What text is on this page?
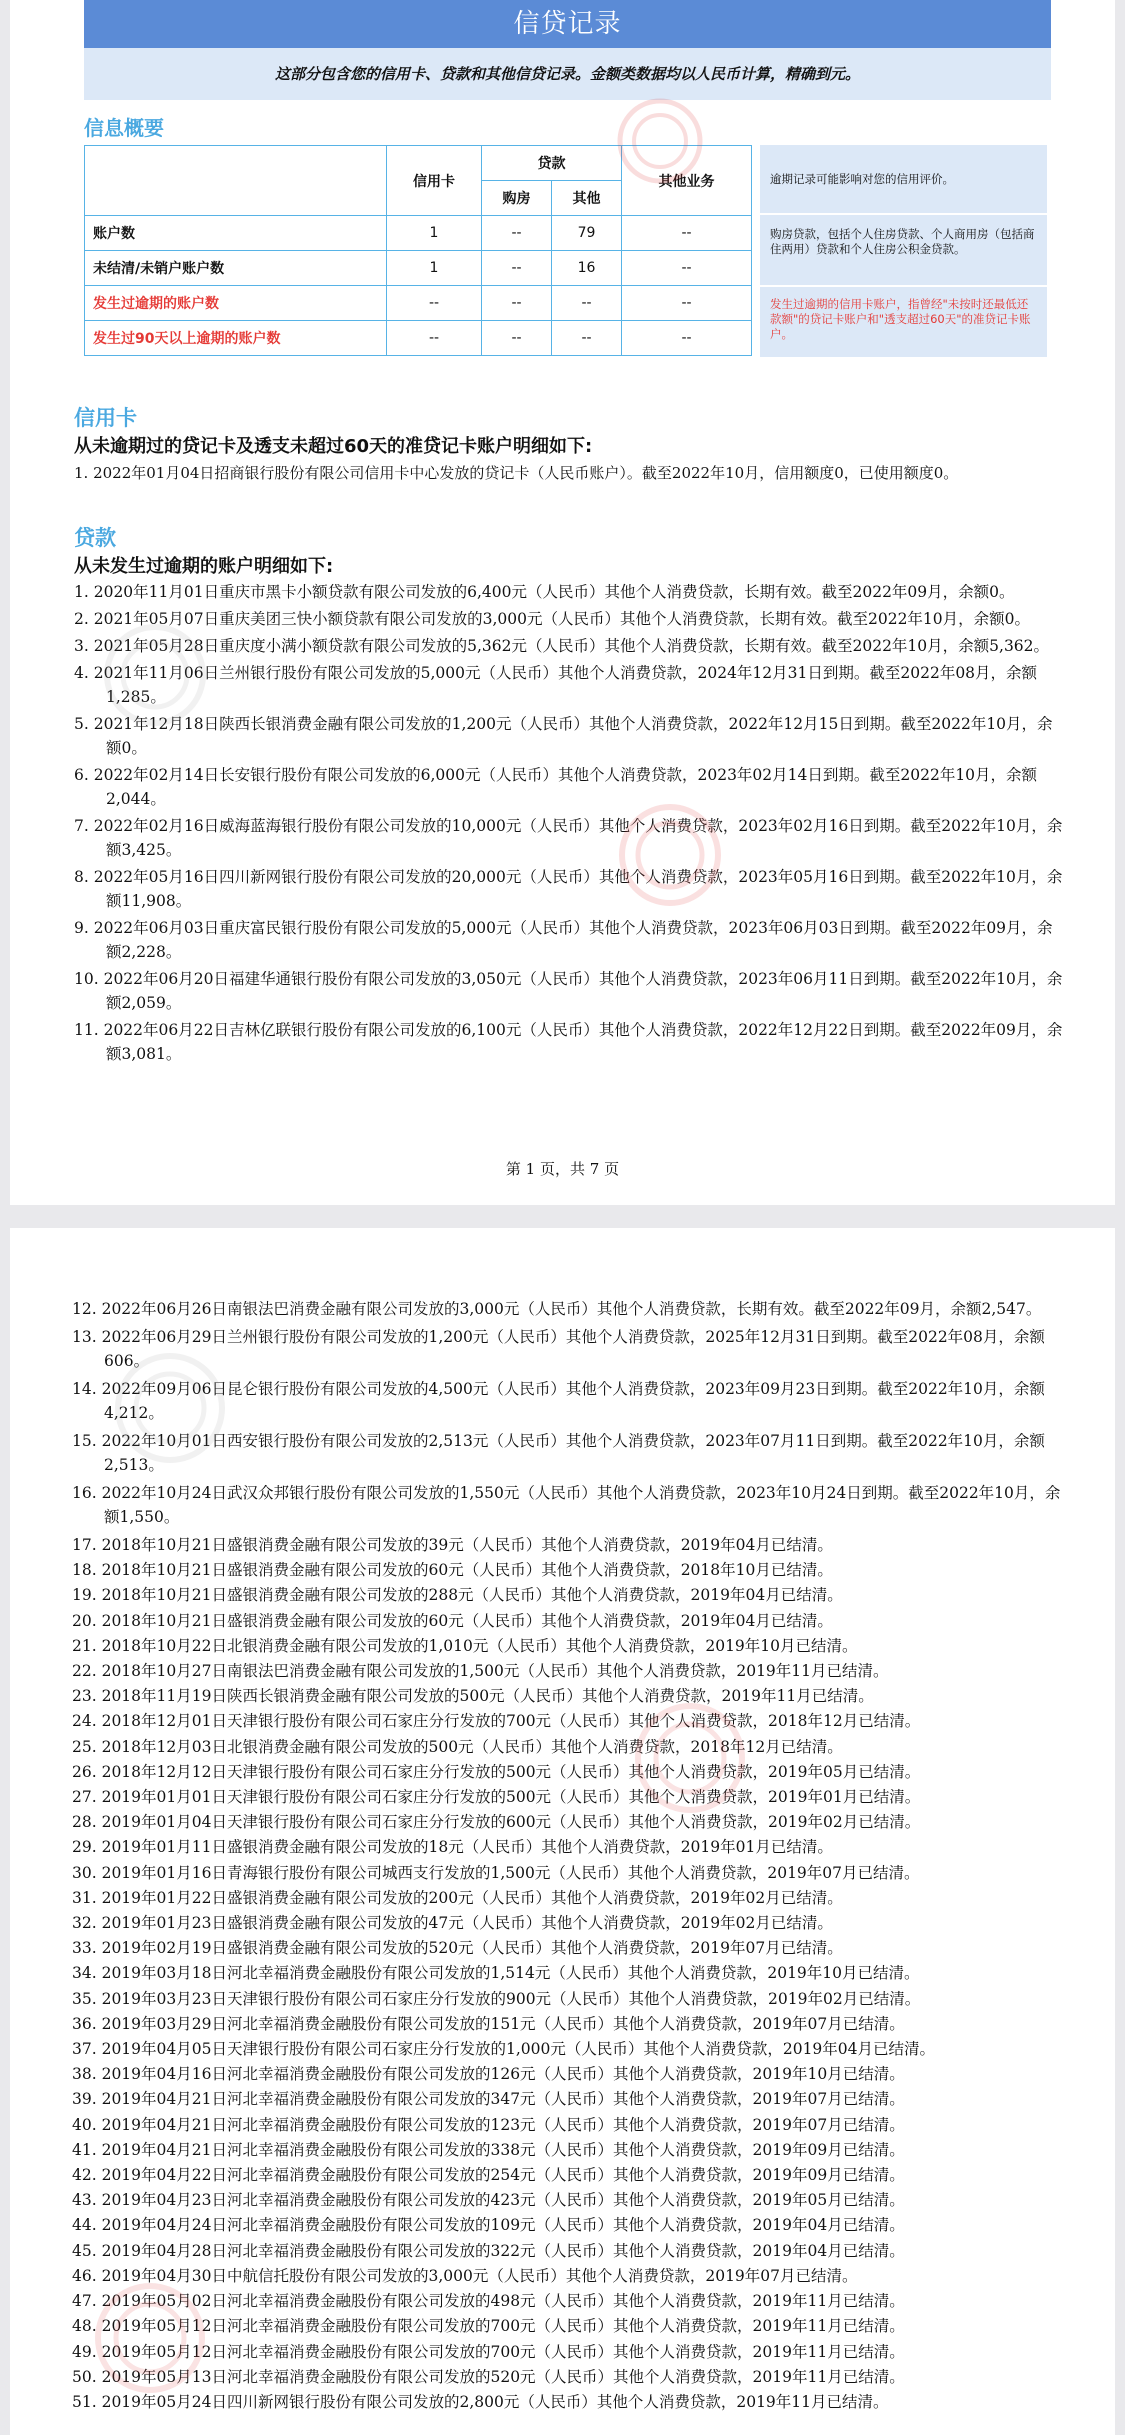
信贷记录
这部分包含您的信用卡、贷款和其他信贷记录。金额类数据均以人民币计算，精确到元。
信息概要

	信用卡	贷款		其他业务
		购房	其他	
账户数	1	--	79	--
未结清/未销户账户数	1	--	16	--
发生过逾期的账户数	--	--	--	--
发生过90天以上逾期的账户数	--	--	--	--
逾期记录可能影响对您的信用评价。
购房贷款，包括个人住房贷款、个人商用房（包括商住两用）贷款和个人住房公积金贷款。
发生过逾期的信用卡账户，指曾经"未按时还最低还款额"的贷记卡账户和"透支超过60天"的准贷记卡账户。
信用卡
从未逾期过的贷记卡及透支未超过60天的准贷记卡账户明细如下:
1. 2022年01月04日招商银行股份有限公司信用卡中心发放的贷记卡（人民币账户）。截至2022年10月，信用额度0，已使用额度0。
贷款
从未发生过逾期的账户明细如下:
1. 2020年11月01日重庆市黑卡小额贷款有限公司发放的6,400元（人民币）其他个人消费贷款，长期有效。截至2022年09月，余额0。
2. 2021年05月07日重庆美团三快小额贷款有限公司发放的3,000元（人民币）其他个人消费贷款，长期有效。截至2022年10月，余额0。
3. 2021年05月28日重庆度小满小额贷款有限公司发放的5,362元（人民币）其他个人消费贷款，长期有效。截至2022年10月，余额5,362。
4. 2021年11月06日兰州银行股份有限公司发放的5,000元（人民币）其他个人消费贷款，2024年12月31日到期。截至2022年08月，余额1,285。
5. 2021年12月18日陕西长银消费金融有限公司发放的1,200元（人民币）其他个人消费贷款，2022年12月15日到期。截至2022年10月，余额0。
6. 2022年02月14日长安银行股份有限公司发放的6,000元（人民币）其他个人消费贷款，2023年02月14日到期。截至2022年10月，余额2,044。
7. 2022年02月16日威海蓝海银行股份有限公司发放的10,000元（人民币）其他个人消费贷款，2023年02月16日到期。截至2022年10月，余额3,425。
8. 2022年05月16日四川新网银行股份有限公司发放的20,000元（人民币）其他个人消费贷款，2023年05月16日到期。截至2022年10月，余额11,908。
9. 2022年06月03日重庆富民银行股份有限公司发放的5,000元（人民币）其他个人消费贷款，2023年06月03日到期。截至2022年09月，余额2,228。
10. 2022年06月20日福建华通银行股份有限公司发放的3,050元（人民币）其他个人消费贷款，2023年06月11日到期。截至2022年10月，余额2,059。
11. 2022年06月22日吉林亿联银行股份有限公司发放的6,100元（人民币）其他个人消费贷款，2022年12月22日到期。截至2022年09月，余额3,081。
第 1 页，共 7 页
12. 2022年06月26日南银法巴消费金融有限公司发放的3,000元（人民币）其他个人消费贷款，长期有效。截至2022年09月，余额2,547。
13. 2022年06月29日兰州银行股份有限公司发放的1,200元（人民币）其他个人消费贷款，2025年12月31日到期。截至2022年08月，余额606。
14. 2022年09月06日昆仑银行股份有限公司发放的4,500元（人民币）其他个人消费贷款，2023年09月23日到期。截至2022年10月，余额4,212。
15. 2022年10月01日西安银行股份有限公司发放的2,513元（人民币）其他个人消费贷款，2023年07月11日到期。截至2022年10月，余额2,513。
16. 2022年10月24日武汉众邦银行股份有限公司发放的1,550元（人民币）其他个人消费贷款，2023年10月24日到期。截至2022年10月，余额1,550。
17. 2018年10月21日盛银消费金融有限公司发放的39元（人民币）其他个人消费贷款，2019年04月已结清。
18. 2018年10月21日盛银消费金融有限公司发放的60元（人民币）其他个人消费贷款，2018年10月已结清。
19. 2018年10月21日盛银消费金融有限公司发放的288元（人民币）其他个人消费贷款，2019年04月已结清。
20. 2018年10月21日盛银消费金融有限公司发放的60元（人民币）其他个人消费贷款，2019年04月已结清。
21. 2018年10月22日北银消费金融有限公司发放的1,010元（人民币）其他个人消费贷款，2019年10月已结清。
22. 2018年10月27日南银法巴消费金融有限公司发放的1,500元（人民币）其他个人消费贷款，2019年11月已结清。
23. 2018年11月19日陕西长银消费金融有限公司发放的500元（人民币）其他个人消费贷款，2019年11月已结清。
24. 2018年12月01日天津银行股份有限公司石家庄分行发放的700元（人民币）其他个人消费贷款，2018年12月已结清。
25. 2018年12月03日北银消费金融有限公司发放的500元（人民币）其他个人消费贷款，2018年12月已结清。
26. 2018年12月12日天津银行股份有限公司石家庄分行发放的500元（人民币）其他个人消费贷款，2019年05月已结清。
27. 2019年01月01日天津银行股份有限公司石家庄分行发放的500元（人民币）其他个人消费贷款，2019年01月已结清。
28. 2019年01月04日天津银行股份有限公司石家庄分行发放的600元（人民币）其他个人消费贷款，2019年02月已结清。
29. 2019年01月11日盛银消费金融有限公司发放的18元（人民币）其他个人消费贷款，2019年01月已结清。
30. 2019年01月16日青海银行股份有限公司城西支行发放的1,500元（人民币）其他个人消费贷款，2019年07月已结清。
31. 2019年01月22日盛银消费金融有限公司发放的200元（人民币）其他个人消费贷款，2019年02月已结清。
32. 2019年01月23日盛银消费金融有限公司发放的47元（人民币）其他个人消费贷款，2019年02月已结清。
33. 2019年02月19日盛银消费金融有限公司发放的520元（人民币）其他个人消费贷款，2019年07月已结清。
34. 2019年03月18日河北幸福消费金融股份有限公司发放的1,514元（人民币）其他个人消费贷款，2019年10月已结清。
35. 2019年03月23日天津银行股份有限公司石家庄分行发放的900元（人民币）其他个人消费贷款，2019年02月已结清。
36. 2019年03月29日河北幸福消费金融股份有限公司发放的151元（人民币）其他个人消费贷款，2019年07月已结清。
37. 2019年04月05日天津银行股份有限公司石家庄分行发放的1,000元（人民币）其他个人消费贷款，2019年04月已结清。
38. 2019年04月16日河北幸福消费金融股份有限公司发放的126元（人民币）其他个人消费贷款，2019年10月已结清。
39. 2019年04月21日河北幸福消费金融股份有限公司发放的347元（人民币）其他个人消费贷款，2019年07月已结清。
40. 2019年04月21日河北幸福消费金融股份有限公司发放的123元（人民币）其他个人消费贷款，2019年07月已结清。
41. 2019年04月21日河北幸福消费金融股份有限公司发放的338元（人民币）其他个人消费贷款，2019年09月已结清。
42. 2019年04月22日河北幸福消费金融股份有限公司发放的254元（人民币）其他个人消费贷款，2019年09月已结清。
43. 2019年04月23日河北幸福消费金融股份有限公司发放的423元（人民币）其他个人消费贷款，2019年05月已结清。
44. 2019年04月24日河北幸福消费金融股份有限公司发放的109元（人民币）其他个人消费贷款，2019年04月已结清。
45. 2019年04月28日河北幸福消费金融股份有限公司发放的322元（人民币）其他个人消费贷款，2019年04月已结清。
46. 2019年04月30日中航信托股份有限公司发放的3,000元（人民币）其他个人消费贷款，2019年07月已结清。
47. 2019年05月02日河北幸福消费金融股份有限公司发放的498元（人民币）其他个人消费贷款，2019年11月已结清。
48. 2019年05月12日河北幸福消费金融股份有限公司发放的700元（人民币）其他个人消费贷款，2019年11月已结清。
49. 2019年05月12日河北幸福消费金融股份有限公司发放的700元（人民币）其他个人消费贷款，2019年11月已结清。
50. 2019年05月13日河北幸福消费金融股份有限公司发放的520元（人民币）其他个人消费贷款，2019年11月已结清。
51. 2019年05月24日四川新网银行股份有限公司发放的2,800元（人民币）其他个人消费贷款，2019年11月已结清。
